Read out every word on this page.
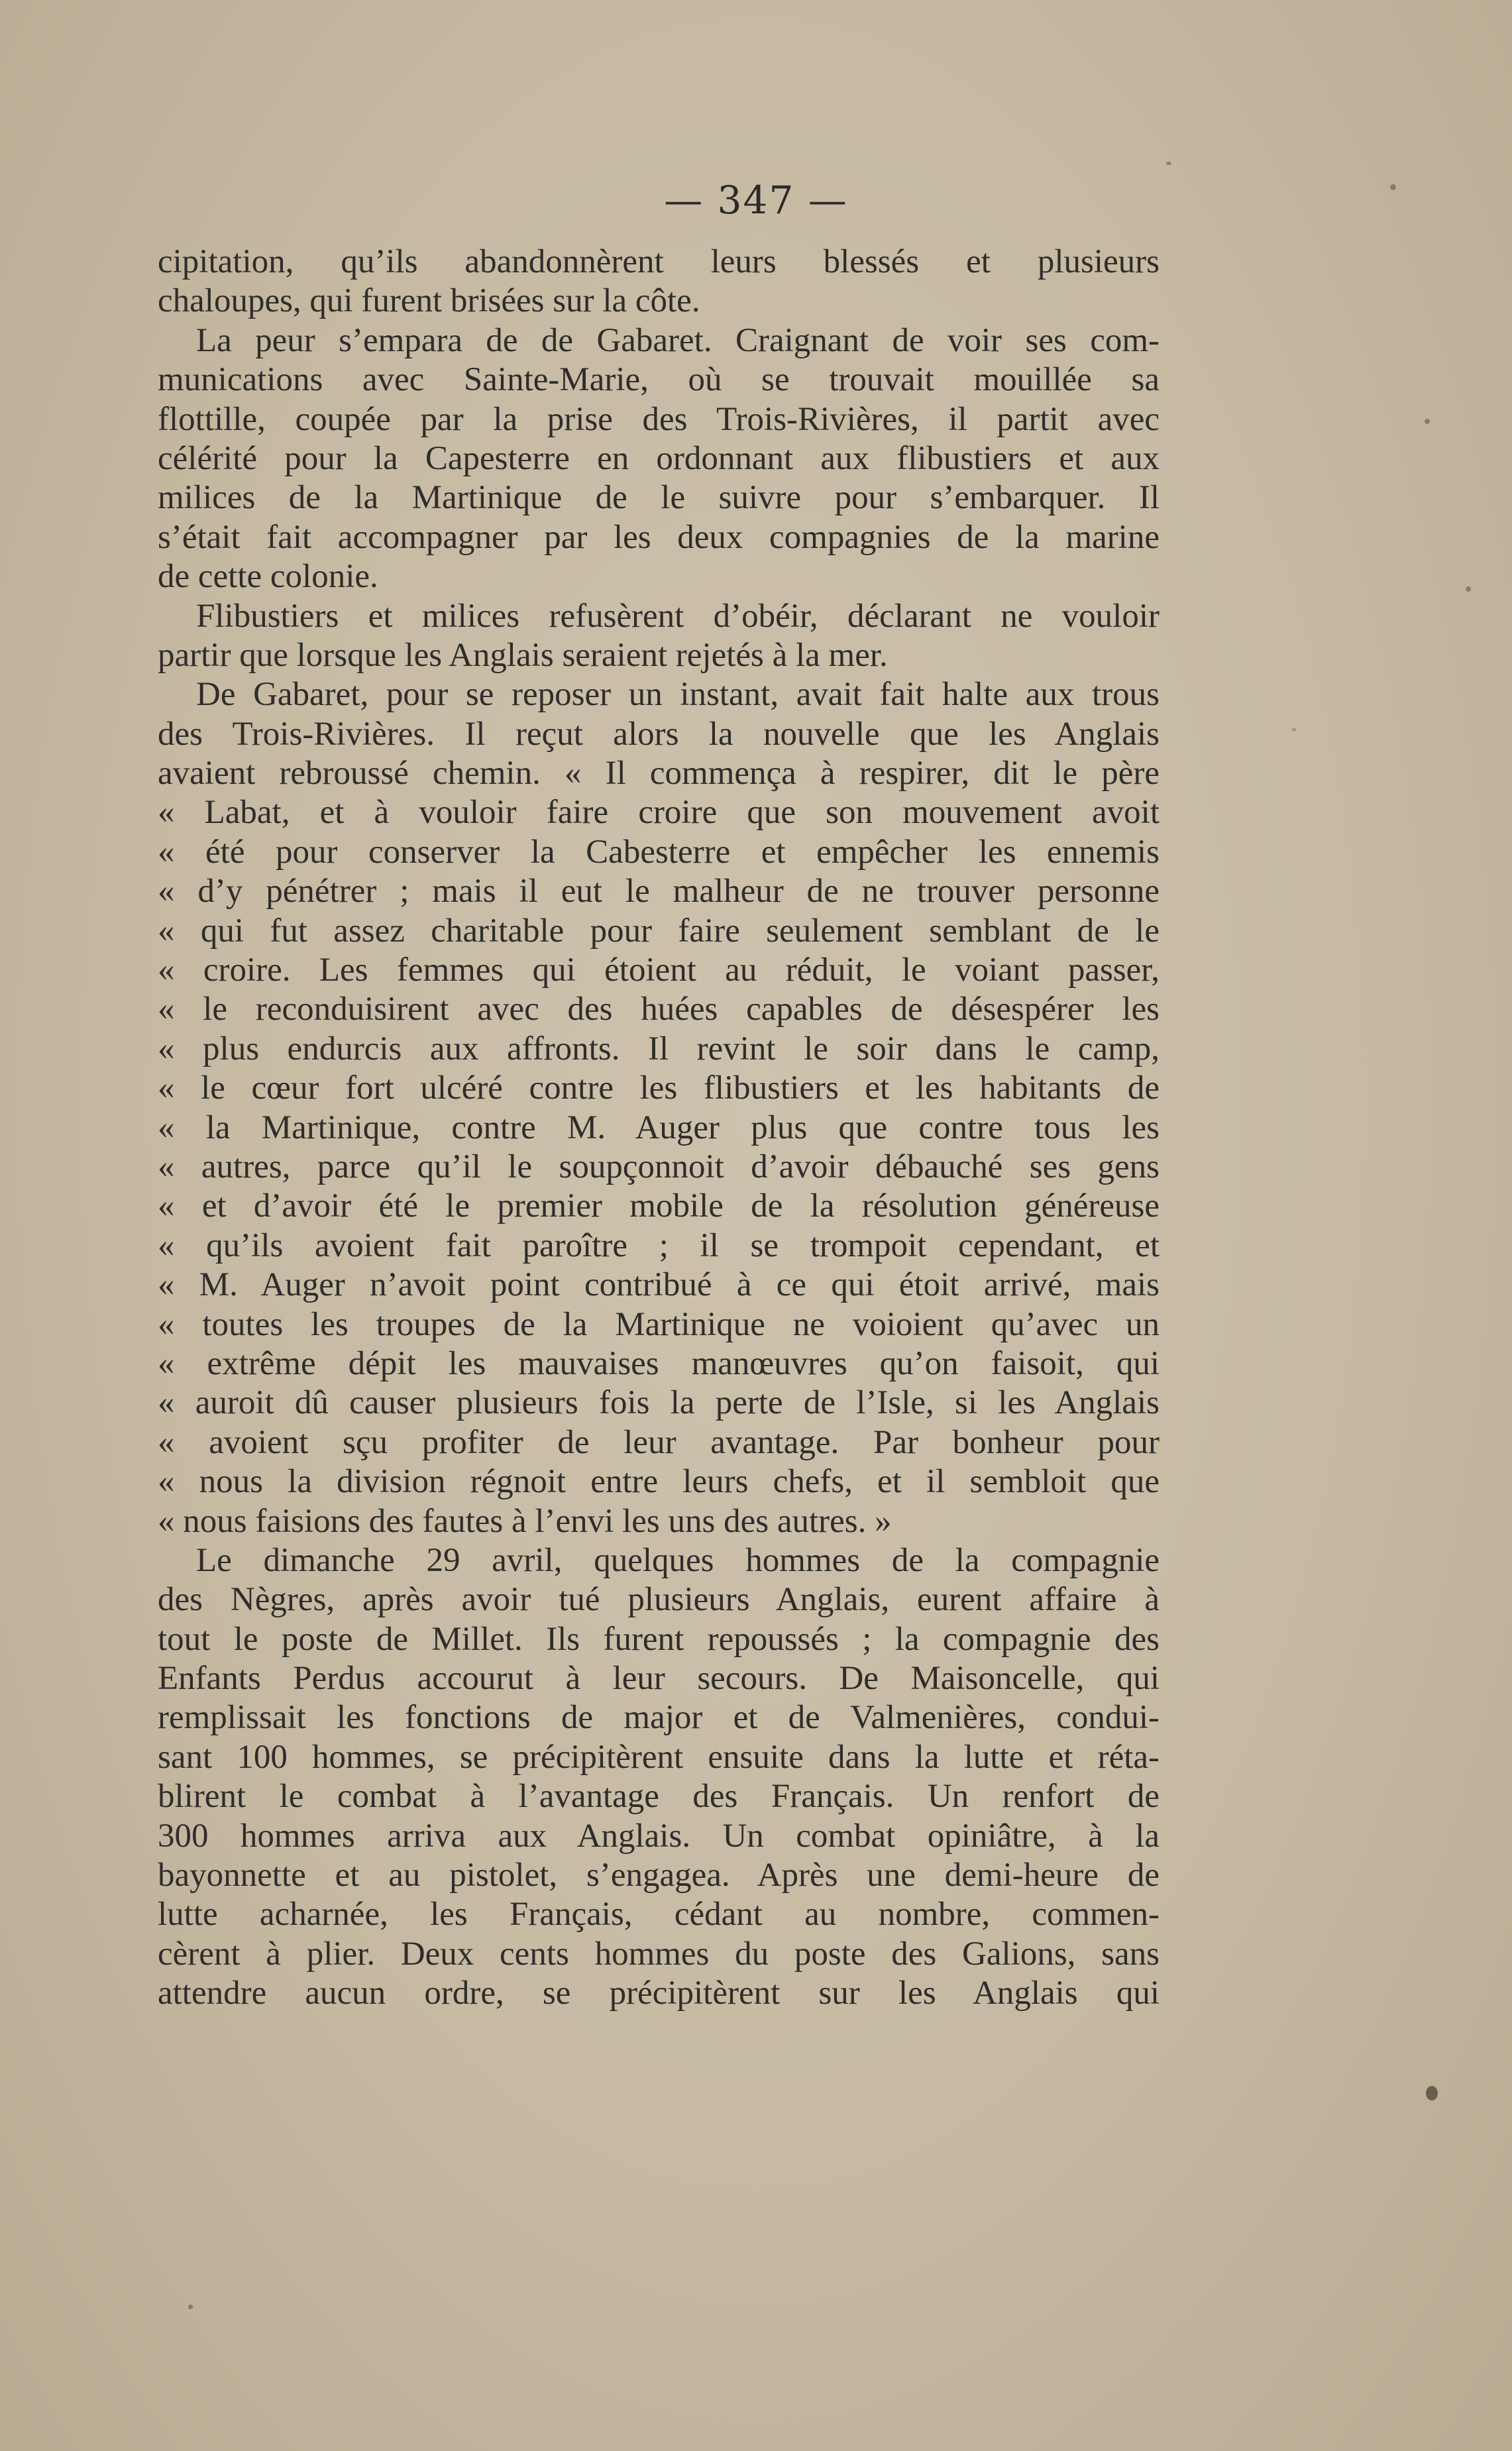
— 347 —
cipitation, qu’ils abandonnèrent leurs blessés et plusieurs
chaloupes, qui furent brisées sur la côte.
La peur s’empara de de Gabaret. Craignant de voir ses com-
munications avec Sainte-Marie, où se trouvait mouillée sa
flottille, coupée par la prise des Trois-Rivières, il partit avec
célérité pour la Capesterre en ordonnant aux flibustiers et aux
milices de la Martinique de le suivre pour s’embarquer. Il
s’était fait accompagner par les deux compagnies de la marine
de cette colonie.
Flibustiers et milices refusèrent d’obéir, déclarant ne vouloir
partir que lorsque les Anglais seraient rejetés à la mer.
De Gabaret, pour se reposer un instant, avait fait halte aux trous
des Trois-Rivières. Il reçut alors la nouvelle que les Anglais
avaient rebroussé chemin. « Il commença à respirer, dit le père
« Labat, et à vouloir faire croire que son mouvement avoit
« été pour conserver la Cabesterre et empêcher les ennemis
« d’y pénétrer ; mais il eut le malheur de ne trouver personne
« qui fut assez charitable pour faire seulement semblant de le
« croire. Les femmes qui étoient au réduit, le voiant passer,
« le reconduisirent avec des huées capables de désespérer les
« plus endurcis aux affronts. Il revint le soir dans le camp,
« le cœur fort ulcéré contre les flibustiers et les habitants de
« la Martinique, contre M. Auger plus que contre tous les
« autres, parce qu’il le soupçonnoit d’avoir débauché ses gens
« et d’avoir été le premier mobile de la résolution généreuse
« qu’ils avoient fait paroître ; il se trompoit cependant, et
« M. Auger n’avoit point contribué à ce qui étoit arrivé, mais
« toutes les troupes de la Martinique ne voioient qu’avec un
« extrême dépit les mauvaises manœuvres qu’on faisoit, qui
« auroit dû causer plusieurs fois la perte de l’Isle, si les Anglais
« avoient sçu profiter de leur avantage. Par bonheur pour
« nous la division régnoit entre leurs chefs, et il sembloit que
« nous faisions des fautes à l’envi les uns des autres. »
Le dimanche 29 avril, quelques hommes de la compagnie
des Nègres, après avoir tué plusieurs Anglais, eurent affaire à
tout le poste de Millet. Ils furent repoussés ; la compagnie des
Enfants Perdus accourut à leur secours. De Maisoncelle, qui
remplissait les fonctions de major et de Valmenières, condui-
sant 100 hommes, se précipitèrent ensuite dans la lutte et réta-
blirent le combat à l’avantage des Français. Un renfort de
300 hommes arriva aux Anglais. Un combat opiniâtre, à la
bayonnette et au pistolet, s’engagea. Après une demi-heure de
lutte acharnée, les Français, cédant au nombre, commen-
cèrent à plier. Deux cents hommes du poste des Galions, sans
attendre aucun ordre, se précipitèrent sur les Anglais qui
